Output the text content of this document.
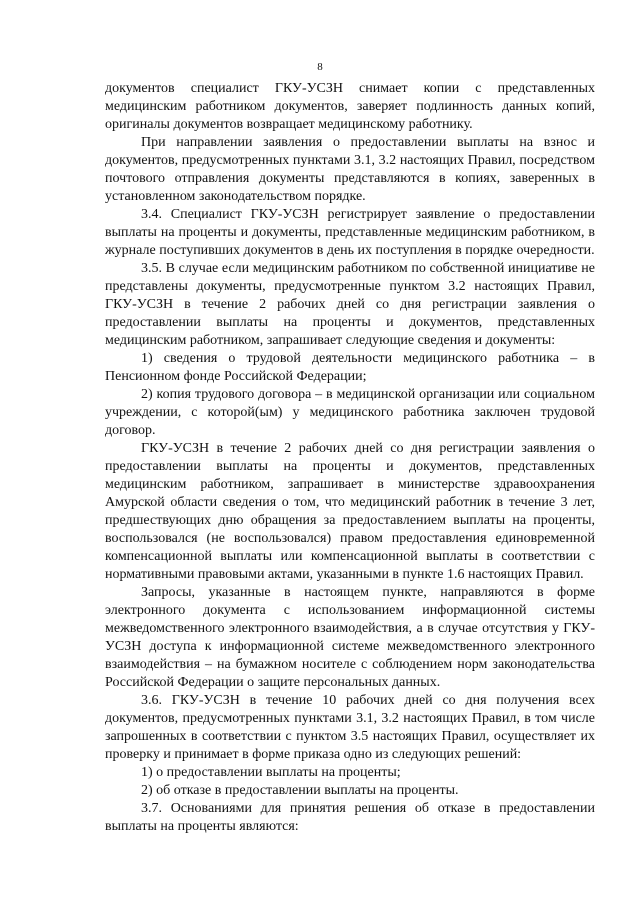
8

документов специалист ГКУ-УСЗН снимает копии с представленных медицинским работником документов, заверяет подлинность данных копий, оригиналы документов возвращает медицинскому работнику.

При направлении заявления о предоставлении выплаты на взнос и документов, предусмотренных пунктами 3.1, 3.2 настоящих Правил, посредством почтового отправления документы представляются в копиях, заверенных в установленном законодательством порядке.

3.4. Специалист ГКУ-УСЗН регистрирует заявление о предоставлении выплаты на проценты и документы, представленные медицинским работником, в журнале поступивших документов в день их поступления в порядке очередности.

3.5. В случае если медицинским работником по собственной инициативе не представлены документы, предусмотренные пунктом 3.2 настоящих Правил, ГКУ-УСЗН в течение 2 рабочих дней со дня регистрации заявления о предоставлении выплаты на проценты и документов, представленных медицинским работником, запрашивает следующие сведения и документы:

1) сведения о трудовой деятельности медицинского работника – в Пенсионном фонде Российской Федерации;

2) копия трудового договора – в медицинской организации или социальном учреждении, с которой(ым) у медицинского работника заключен трудовой договор.

ГКУ-УСЗН в течение 2 рабочих дней со дня регистрации заявления о предоставлении выплаты на проценты и документов, представленных медицинским работником, запрашивает в министерстве здравоохранения Амурской области сведения о том, что медицинский работник в течение 3 лет, предшествующих дню обращения за предоставлением выплаты на проценты, воспользовался (не воспользовался) правом предоставления единовременной компенсационной выплаты или компенсационной выплаты в соответствии с нормативными правовыми актами, указанными в пункте 1.6 настоящих Правил.

Запросы, указанные в настоящем пункте, направляются в форме электронного документа с использованием информационной системы межведомственного электронного взаимодействия, а в случае отсутствия у ГКУ-УСЗН доступа к информационной системе межведомственного электронного взаимодействия – на бумажном носителе с соблюдением норм законодательства Российской Федерации о защите персональных данных.

3.6. ГКУ-УСЗН в течение 10 рабочих дней со дня получения всех документов, предусмотренных пунктами 3.1, 3.2 настоящих Правил, в том числе запрошенных в соответствии с пунктом 3.5 настоящих Правил, осуществляет их проверку и принимает в форме приказа одно из следующих решений:

1) о предоставлении выплаты на проценты;

2) об отказе в предоставлении выплаты на проценты.

3.7. Основаниями для принятия решения об отказе в предоставлении выплаты на проценты являются:
